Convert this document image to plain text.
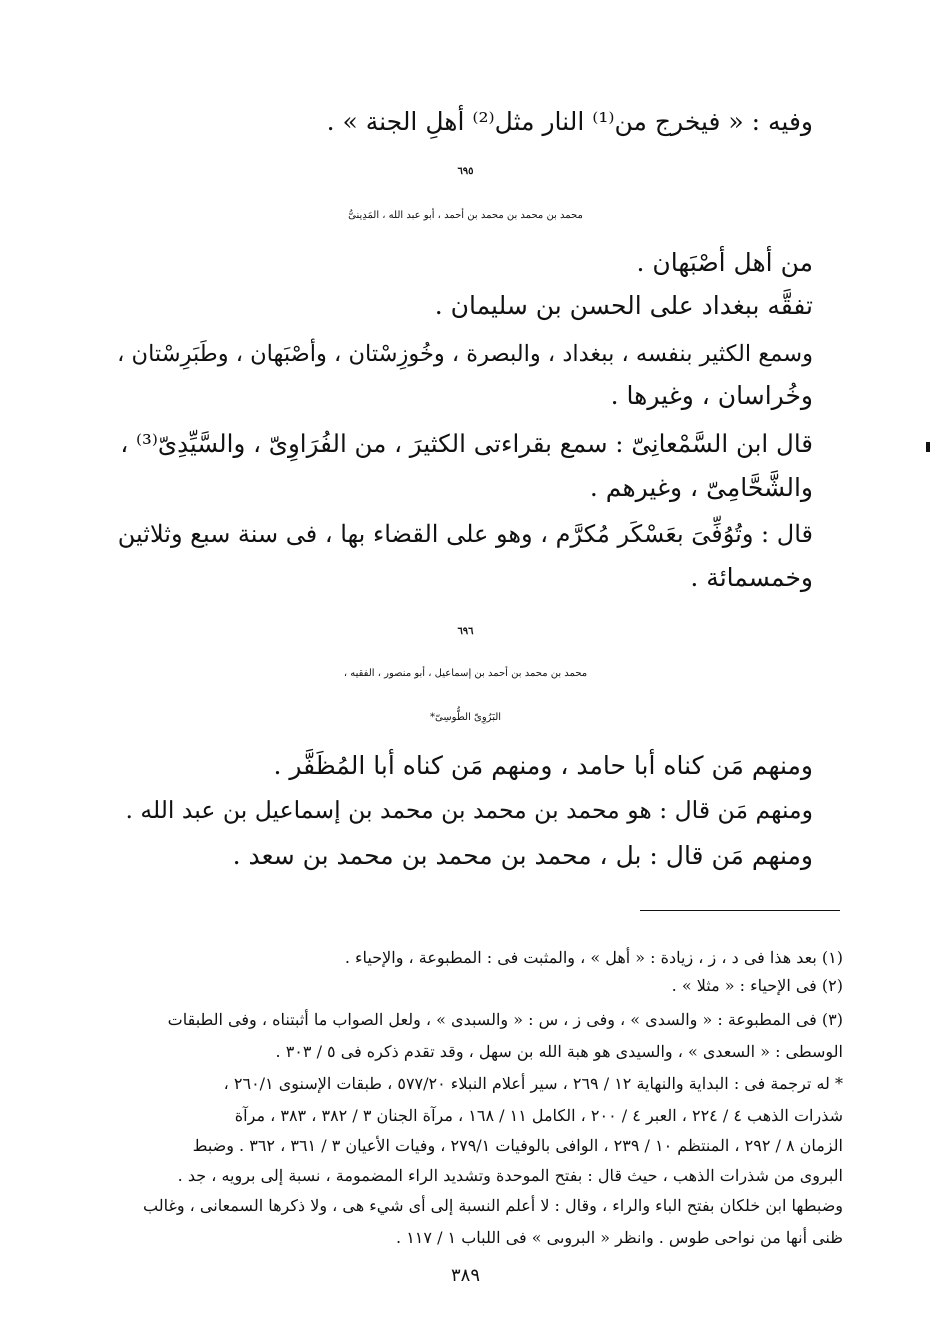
وفيه : « فيخرج من⁽¹⁾ النار مثل⁽²⁾ أهلِ الجنة » .
٦٩٥
محمد بن محمد بن محمد بن أحمد ، أبو عبد الله ، المَدِينىُّ
من أهل أصْبَهان .
تفقَّه ببغداد على الحسن بن سليمان .
وسمع الكثير بنفسه ، ببغداد ، والبصرة ، وخُوزِسْتان ، وأصْبَهان ، وطَبَرِسْتان ،
وخُراسان ، وغيرها .
قال ابن السَّمْعانِىّ : سمع بقراءتى الكثيرَ ، من الفُرَاوِىّ ، والسَّيِّدِىّ⁽³⁾ ،
والشَّحَّامِىّ ، وغيرهم .
قال : وتُوُفِّىَ بعَسْكَر مُكرَّم ، وهو على القضاء بها ، فى سنة سبع وثلاثين
وخمسمائة .
٦٩٦
محمد بن محمد بن أحمد بن إسماعيل ، أبو منصور ، الفقيه ،
البَرُوِىّ الطُّوسِىّ*
ومنهم مَن كناه أبا حامد ، ومنهم مَن كناه أبا المُظَفَّر .
ومنهم مَن قال : هو محمد بن محمد بن محمد بن إسماعيل بن عبد الله .
ومنهم مَن قال : بل ، محمد بن محمد بن محمد بن سعد .
(١) بعد هذا فى د ، ز ، زيادة : « أهل » ، والمثبت فى : المطبوعة ، والإحياء .
(٢) فى الإحياء : « مثلا » .
(٣) فى المطبوعة : « والسدى » ، وفى ز ، س : « والسبدى » ، ولعل الصواب ما أثبتناه ، وفى الطبقات
الوسطى : « السعدى » ، والسيدى هو هبة الله بن سهل ، وقد تقدم ذكره فى ٥ / ٣٠٣ .
* له ترجمة فى : البداية والنهاية ١٢ / ٢٦٩ ، سير أعلام النبلاء ٥٧٧/٢٠ ، طبقات الإسنوى ٢٦٠/١ ،
شذرات الذهب ٤ / ٢٢٤ ، العبر ٤ / ٢٠٠ ، الكامل ١١ / ١٦٨ ، مرآة الجنان ٣ / ٣٨٢ ، ٣٨٣ ، مرآة
الزمان ٨ / ٢٩٢ ، المنتظم ١٠ / ٢٣٩ ، الوافى بالوفيات ٢٧٩/١ ، وفيات الأعيان ٣ / ٣٦١ ، ٣٦٢ . وضبط
البروى من شذرات الذهب ، حيث قال : بفتح الموحدة وتشديد الراء المضمومة ، نسبة إلى برويه ، جد .
وضبطها ابن خلكان بفتح الباء والراء ، وقال : لا أعلم النسبة إلى أى شيء هى ، ولا ذكرها السمعانى ، وغالب
ظنى أنها من نواحى طوس . وانظر « البروىى » فى اللباب ١ / ١١٧ .
٣٨٩
